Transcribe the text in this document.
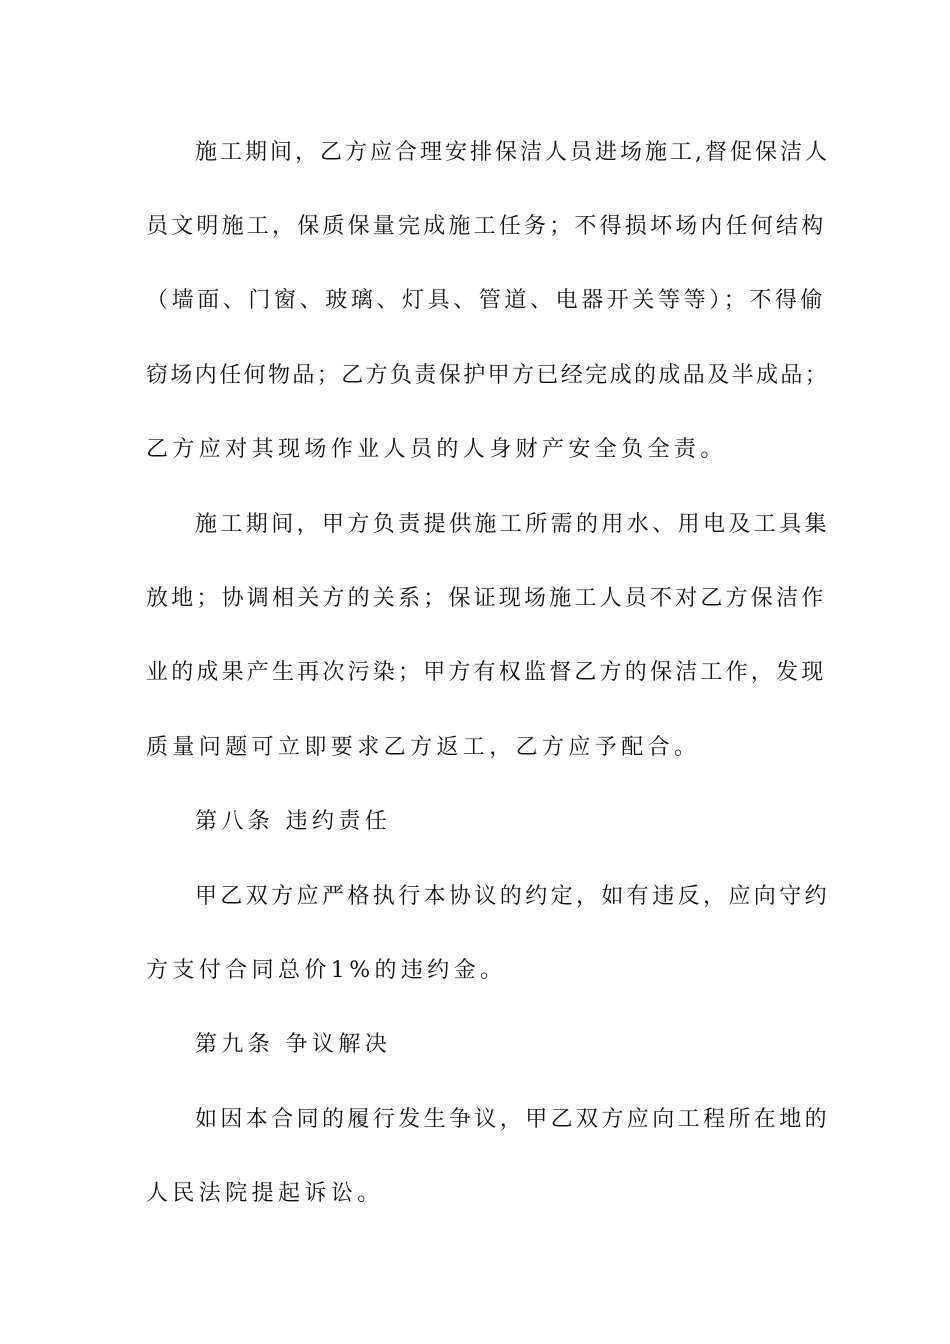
施工期间，乙方应合理安排保洁人员进场施工,督促保洁人
员文明施工，保质保量完成施工任务；不得损坏场内任何结构
（墙面、门窗、玻璃、灯具、管道、电器开关等等）；不得偷
窃场内任何物品；乙方负责保护甲方已经完成的成品及半成品；
乙方应对其现场作业人员的人身财产安全负全责。
施工期间，甲方负责提供施工所需的用水、用电及工具集
放地；协调相关方的关系；保证现场施工人员不对乙方保洁作
业的成果产生再次污染；甲方有权监督乙方的保洁工作，发现
质量问题可立即要求乙方返工，乙方应予配合。
第八条 违约责任
甲乙双方应严格执行本协议的约定，如有违反，应向守约
方支付合同总价1%的违约金。
第九条 争议解决
如因本合同的履行发生争议，甲乙双方应向工程所在地的
人民法院提起诉讼。
